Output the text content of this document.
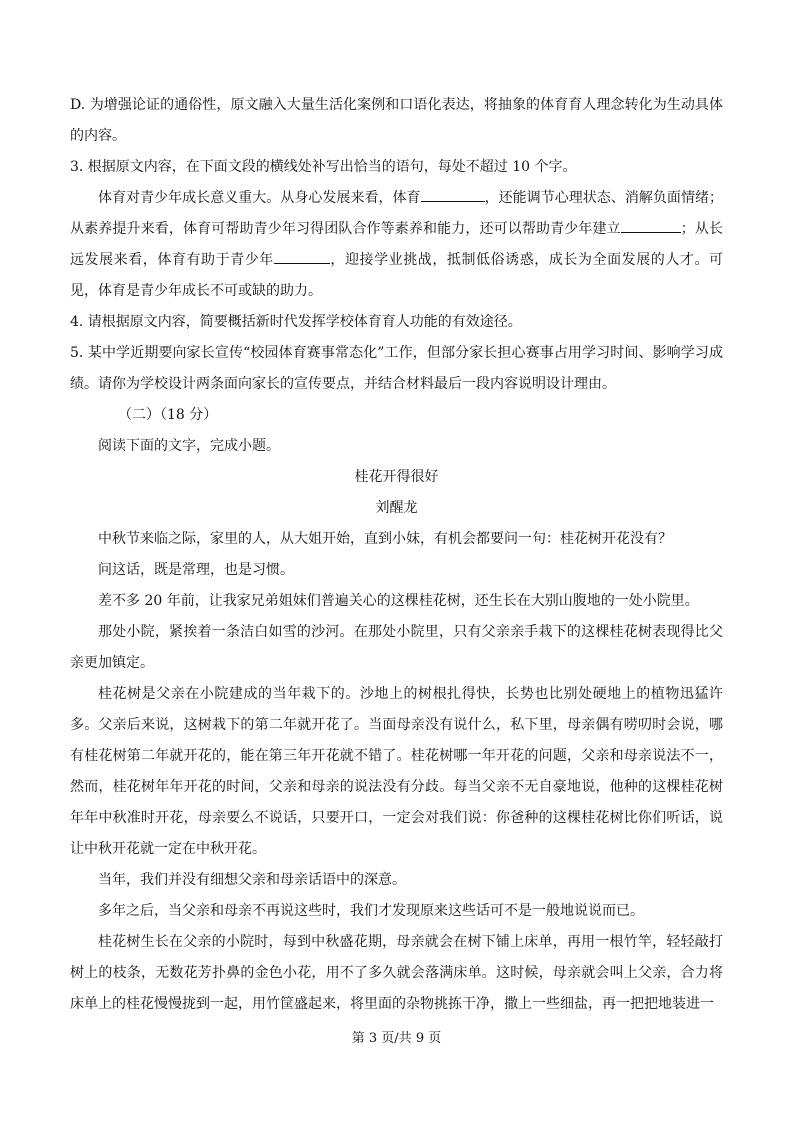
D. 为增强论证的通俗性，原文融入大量生活化案例和口语化表达，将抽象的体育育人理念转化为生动具体的内容。

3. 根据原文内容，在下面文段的横线处补写出恰当的语句，每处不超过 10 个字。

体育对青少年成长意义重大。从身心发展来看，体育	，还能调节心理状态、消解负面情绪；从素养提升来看，体育可帮助青少年习得团队合作等素养和能力，还可以帮助青少年建立	；从长远发展来看，体育有助于青少年	，迎接学业挑战，抵制低俗诱惑，成长为全面发展的人才。可见，体育是青少年成长不可或缺的助力。

4. 请根据原文内容，简要概括新时代发挥学校体育育人功能的有效途径。

5. 某中学近期要向家长宣传“校园体育赛事常态化”工作，但部分家长担心赛事占用学习时间、影响学习成绩。请你为学校设计两条面向家长的宣传要点，并结合材料最后一段内容说明设计理由。

（二）（18 分）

阅读下面的文字，完成小题。

桂花开得很好

刘醒龙

中秋节来临之际，家里的人，从大姐开始，直到小妹，有机会都要问一句：桂花树开花没有？

问这话，既是常理，也是习惯。

差不多 20 年前，让我家兄弟姐妹们普遍关心的这棵桂花树，还生长在大别山腹地的一处小院里。

那处小院，紧挨着一条洁白如雪的沙河。在那处小院里，只有父亲亲手栽下的这棵桂花树表现得比父亲更加镇定。

桂花树是父亲在小院建成的当年栽下的。沙地上的树根扎得快，长势也比别处硬地上的植物迅猛许多。父亲后来说，这树栽下的第二年就开花了。当面母亲没有说什么，私下里，母亲偶有唠叨时会说，哪有桂花树第二年就开花的，能在第三年开花就不错了。桂花树哪一年开花的问题，父亲和母亲说法不一，然而，桂花树年年开花的时间，父亲和母亲的说法没有分歧。每当父亲不无自豪地说，他种的这棵桂花树年年中秋准时开花，母亲要么不说话，只要开口，一定会对我们说：你爸种的这棵桂花树比你们听话，说让中秋开花就一定在中秋开花。

当年，我们并没有细想父亲和母亲话语中的深意。

多年之后，当父亲和母亲不再说这些时，我们才发现原来这些话可不是一般地说说而已。

桂花树生长在父亲的小院时，每到中秋盛花期，母亲就会在树下铺上床单，再用一根竹竿，轻轻敲打树上的枝条，无数花芳扑鼻的金色小花，用不了多久就会落满床单。这时候，母亲就会叫上父亲，合力将床单上的桂花慢慢拢到一起，用竹筐盛起来，将里面的杂物挑拣干净，撒上一些细盐，再一把把地装进一

第 3 页/共 9 页
